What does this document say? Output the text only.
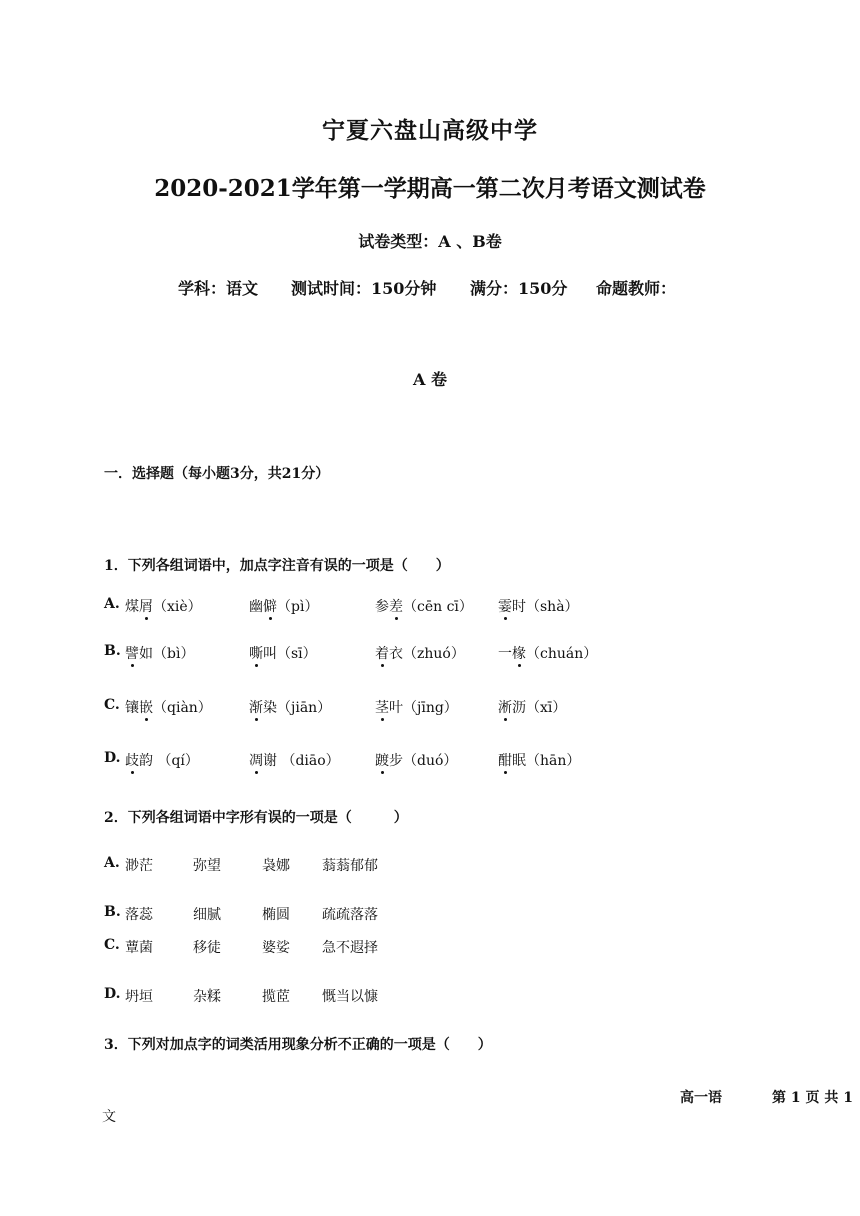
宁夏六盘山高级中学
2020-2021学年第一学期高一第二次月考语文测试卷
试卷类型：A 、B卷
学科：语文 测试时间：150分钟 满分：150分 命题教师：
A 卷
一．选择题（每小题3分，共21分）
1．下列各组词语中，加点字注音有误的一项是（　　）
A. 煤屑（xiè）	幽僻（pì）	参差（cēn cī） 霎时（shà）
B. 譬如（bì）	嘶叫（sī）	着衣（zhuó） 一椽（chuán）
C. 镶嵌（qiàn）	渐染（jiān）	茎叶（jīng）	淅沥（xī）
D. 歧韵 （qí）	凋谢 （diāo）	踱步（duó）	酣眠（hān）
2．下列各组词语中字形有误的一项是（　　　）
A. 渺茫	弥望	袅娜 蓊蓊郁郁
B. 落蕊	细腻	椭圆 疏疏落落
C. 蕈菌	移徒	婆娑 急不遐择
D. 坍垣	杂糅	揽茝 慨当以慷
3．下列对加点字的词类活用现象分析不正确的一项是（　　）
高一语	第 1 页 共 1
文
